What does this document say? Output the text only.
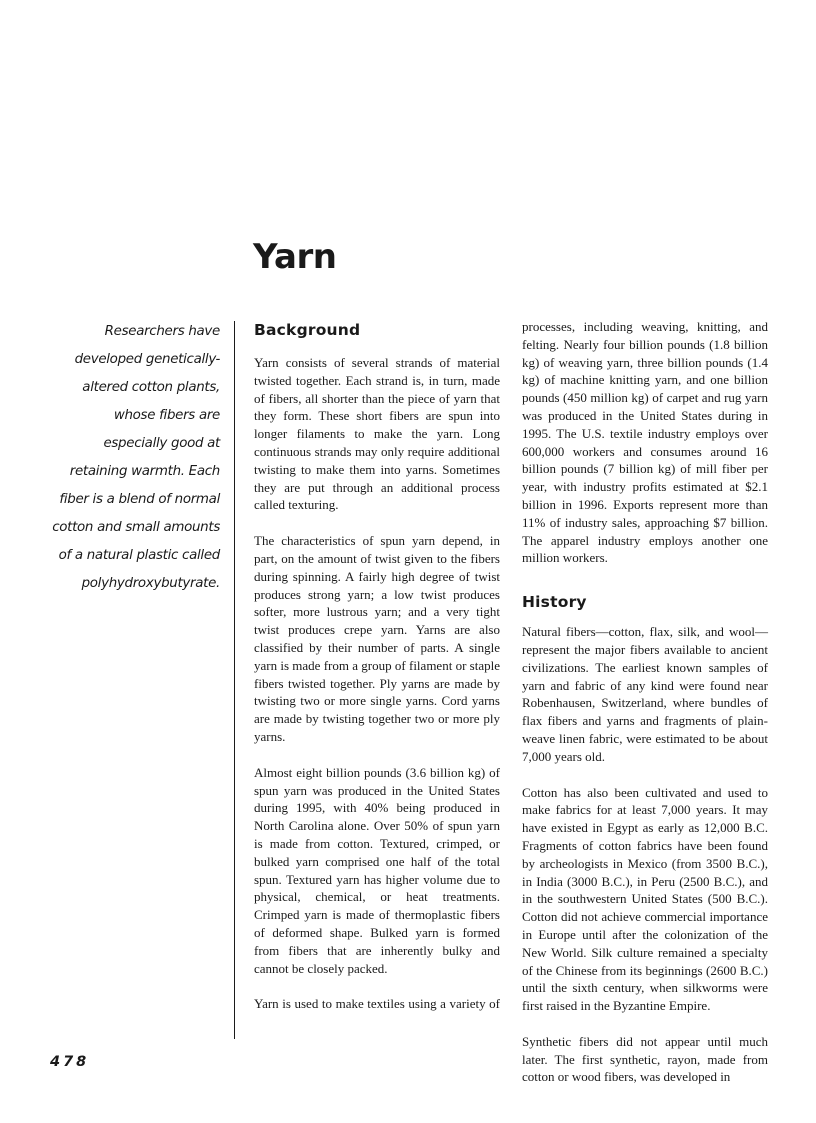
Yarn

Researchers have developed genetically-altered cotton plants, whose fibers are especially good at retaining warmth. Each fiber is a blend of normal cotton and small amounts of a natural plastic called polyhydroxybutyrate.

Background

Yarn consists of several strands of material twisted together. Each strand is, in turn, made of fibers, all shorter than the piece of yarn that they form. These short fibers are spun into longer filaments to make the yarn. Long continuous strands may only require additional twisting to make them into yarns. Sometimes they are put through an additional process called texturing.

The characteristics of spun yarn depend, in part, on the amount of twist given to the fibers during spinning. A fairly high degree of twist produces strong yarn; a low twist produces softer, more lustrous yarn; and a very tight twist produces crepe yarn. Yarns are also classified by their number of parts. A single yarn is made from a group of filament or staple fibers twisted together. Ply yarns are made by twisting two or more single yarns. Cord yarns are made by twisting together two or more ply yarns.

Almost eight billion pounds (3.6 billion kg) of spun yarn was produced in the United States during 1995, with 40% being produced in North Carolina alone. Over 50% of spun yarn is made from cotton. Textured, crimped, or bulked yarn comprised one half of the total spun. Textured yarn has higher volume due to physical, chemical, or heat treatments. Crimped yarn is made of thermoplastic fibers of deformed shape. Bulked yarn is formed from fibers that are inherently bulky and cannot be closely packed.

Yarn is used to make textiles using a variety of

processes, including weaving, knitting, and felting. Nearly four billion pounds (1.8 billion kg) of weaving yarn, three billion pounds (1.4 kg) of machine knitting yarn, and one billion pounds (450 million kg) of carpet and rug yarn was produced in the United States during in 1995. The U.S. textile industry employs over 600,000 workers and consumes around 16 billion pounds (7 billion kg) of mill fiber per year, with industry profits estimated at $2.1 billion in 1996. Exports represent more than 11% of industry sales, approaching $7 billion. The apparel industry employs another one million workers.

History

Natural fibers—cotton, flax, silk, and wool—represent the major fibers available to ancient civilizations. The earliest known samples of yarn and fabric of any kind were found near Robenhausen, Switzerland, where bundles of flax fibers and yarns and fragments of plain-weave linen fabric, were estimated to be about 7,000 years old.

Cotton has also been cultivated and used to make fabrics for at least 7,000 years. It may have existed in Egypt as early as 12,000 B.C. Fragments of cotton fabrics have been found by archeologists in Mexico (from 3500 B.C.), in India (3000 B.C.), in Peru (2500 B.C.), and in the southwestern United States (500 B.C.). Cotton did not achieve commercial importance in Europe until after the colonization of the New World. Silk culture remained a specialty of the Chinese from its beginnings (2600 B.C.) until the sixth century, when silkworms were first raised in the Byzantine Empire.

Synthetic fibers did not appear until much later. The first synthetic, rayon, made from cotton or wood fibers, was developed in

478
